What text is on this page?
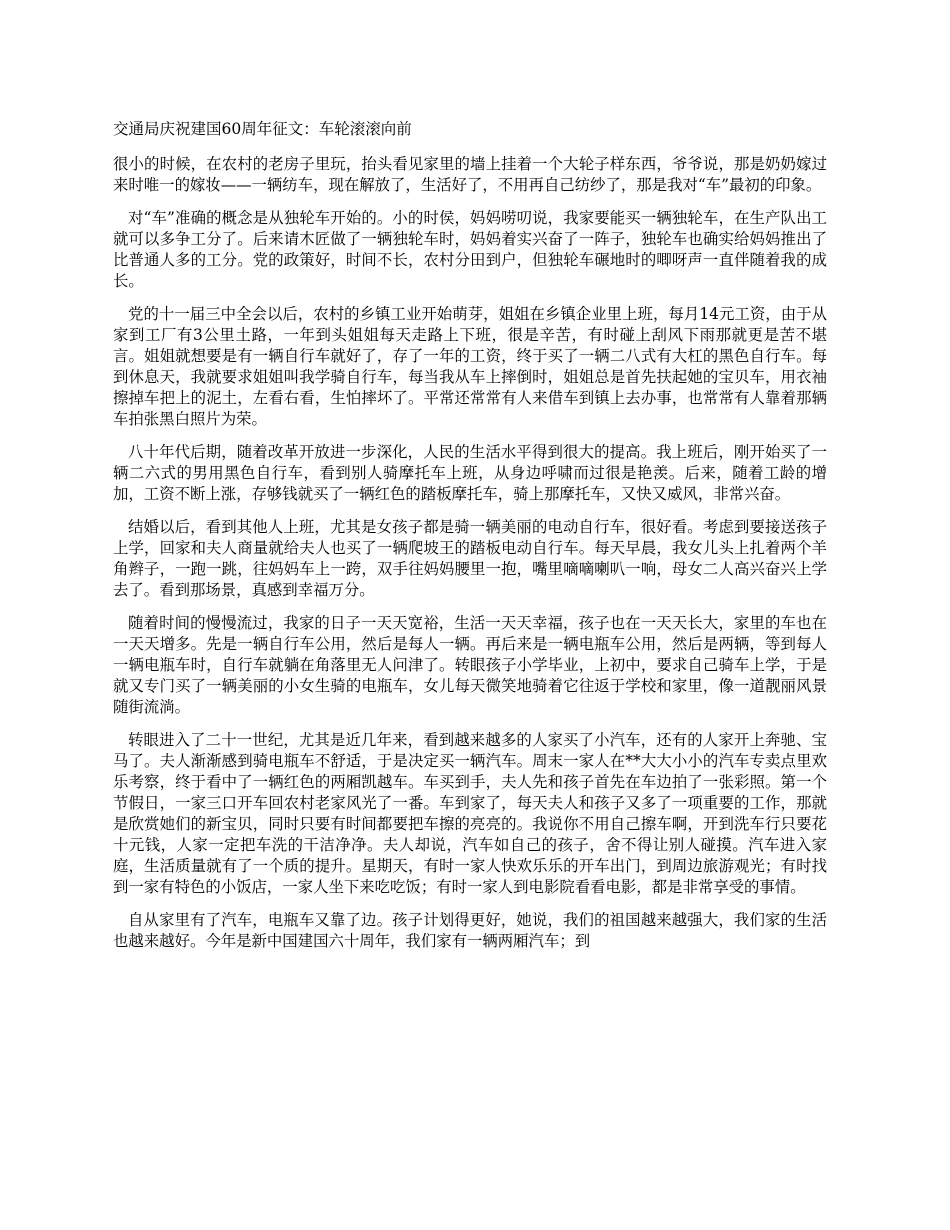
交通局庆祝建国60周年征文：车轮滚滚向前

很小的时候，在农村的老房子里玩，抬头看见家里的墙上挂着一个大轮子样东西，爷爷说，那是奶奶嫁过来时唯一的嫁妆——一辆纺车，现在解放了，生活好了，不用再自己纺纱了，那是我对“车”最初的印象。

对“车”准确的概念是从独轮车开始的。小的时侯，妈妈唠叨说，我家要能买一辆独轮车，在生产队出工就可以多争工分了。后来请木匠做了一辆独轮车时，妈妈着实兴奋了一阵子，独轮车也确实给妈妈推出了比普通人多的工分。党的政策好，时间不长，农村分田到户，但独轮车碾地时的唧呀声一直伴随着我的成长。

党的十一届三中全会以后，农村的乡镇工业开始萌芽，姐姐在乡镇企业里上班，每月14元工资，由于从家到工厂有3公里土路，一年到头姐姐每天走路上下班，很是辛苦，有时碰上刮风下雨那就更是苦不堪言。姐姐就想要是有一辆自行车就好了，存了一年的工资，终于买了一辆二八式有大杠的黑色自行车。每到休息天，我就要求姐姐叫我学骑自行车，每当我从车上摔倒时，姐姐总是首先扶起她的宝贝车，用衣袖擦掉车把上的泥土，左看右看，生怕摔坏了。平常还常常有人来借车到镇上去办事，也常常有人靠着那辆车拍张黑白照片为荣。

八十年代后期，随着改革开放进一步深化，人民的生活水平得到很大的提高。我上班后，刚开始买了一辆二六式的男用黑色自行车，看到别人骑摩托车上班，从身边呼啸而过很是艳羡。后来，随着工龄的增加，工资不断上涨，存够钱就买了一辆红色的踏板摩托车，骑上那摩托车，又快又威风，非常兴奋。

结婚以后，看到其他人上班，尤其是女孩子都是骑一辆美丽的电动自行车，很好看。考虑到要接送孩子上学，回家和夫人商量就给夫人也买了一辆爬坡王的踏板电动自行车。每天早晨，我女儿头上扎着两个羊角辫子，一跑一跳，往妈妈车上一跨，双手往妈妈腰里一抱，嘴里嘀嘀喇叭一响，母女二人高兴奋兴上学去了。看到那场景，真感到幸福万分。

随着时间的慢慢流过，我家的日子一天天宽裕，生活一天天幸福，孩子也在一天天长大，家里的车也在一天天增多。先是一辆自行车公用，然后是每人一辆。再后来是一辆电瓶车公用，然后是两辆，等到每人一辆电瓶车时，自行车就躺在角落里无人问津了。转眼孩子小学毕业，上初中，要求自己骑车上学，于是就又专门买了一辆美丽的小女生骑的电瓶车，女儿每天微笑地骑着它往返于学校和家里，像一道靓丽风景随街流淌。

转眼进入了二十一世纪，尤其是近几年来，看到越来越多的人家买了小汽车，还有的人家开上奔驰、宝马了。夫人渐渐感到骑电瓶车不舒适，于是决定买一辆汽车。周末一家人在**大大小小的汽车专卖点里欢乐考察，终于看中了一辆红色的两厢凯越车。车买到手，夫人先和孩子首先在车边拍了一张彩照。第一个节假日，一家三口开车回农村老家风光了一番。车到家了，每天夫人和孩子又多了一项重要的工作，那就是欣赏她们的新宝贝，同时只要有时间都要把车擦的亮亮的。我说你不用自己擦车啊，开到洗车行只要花十元钱，人家一定把车洗的干洁净净。夫人却说，汽车如自己的孩子，舍不得让别人碰摸。汽车进入家庭，生活质量就有了一个质的提升。星期天，有时一家人快欢乐乐的开车出门，到周边旅游观光；有时找到一家有特色的小饭店，一家人坐下来吃吃饭；有时一家人到电影院看看电影，都是非常享受的事情。

自从家里有了汽车，电瓶车又靠了边。孩子计划得更好，她说，我们的祖国越来越强大，我们家的生活也越来越好。今年是新中国建国六十周年，我们家有一辆两厢汽车；到
